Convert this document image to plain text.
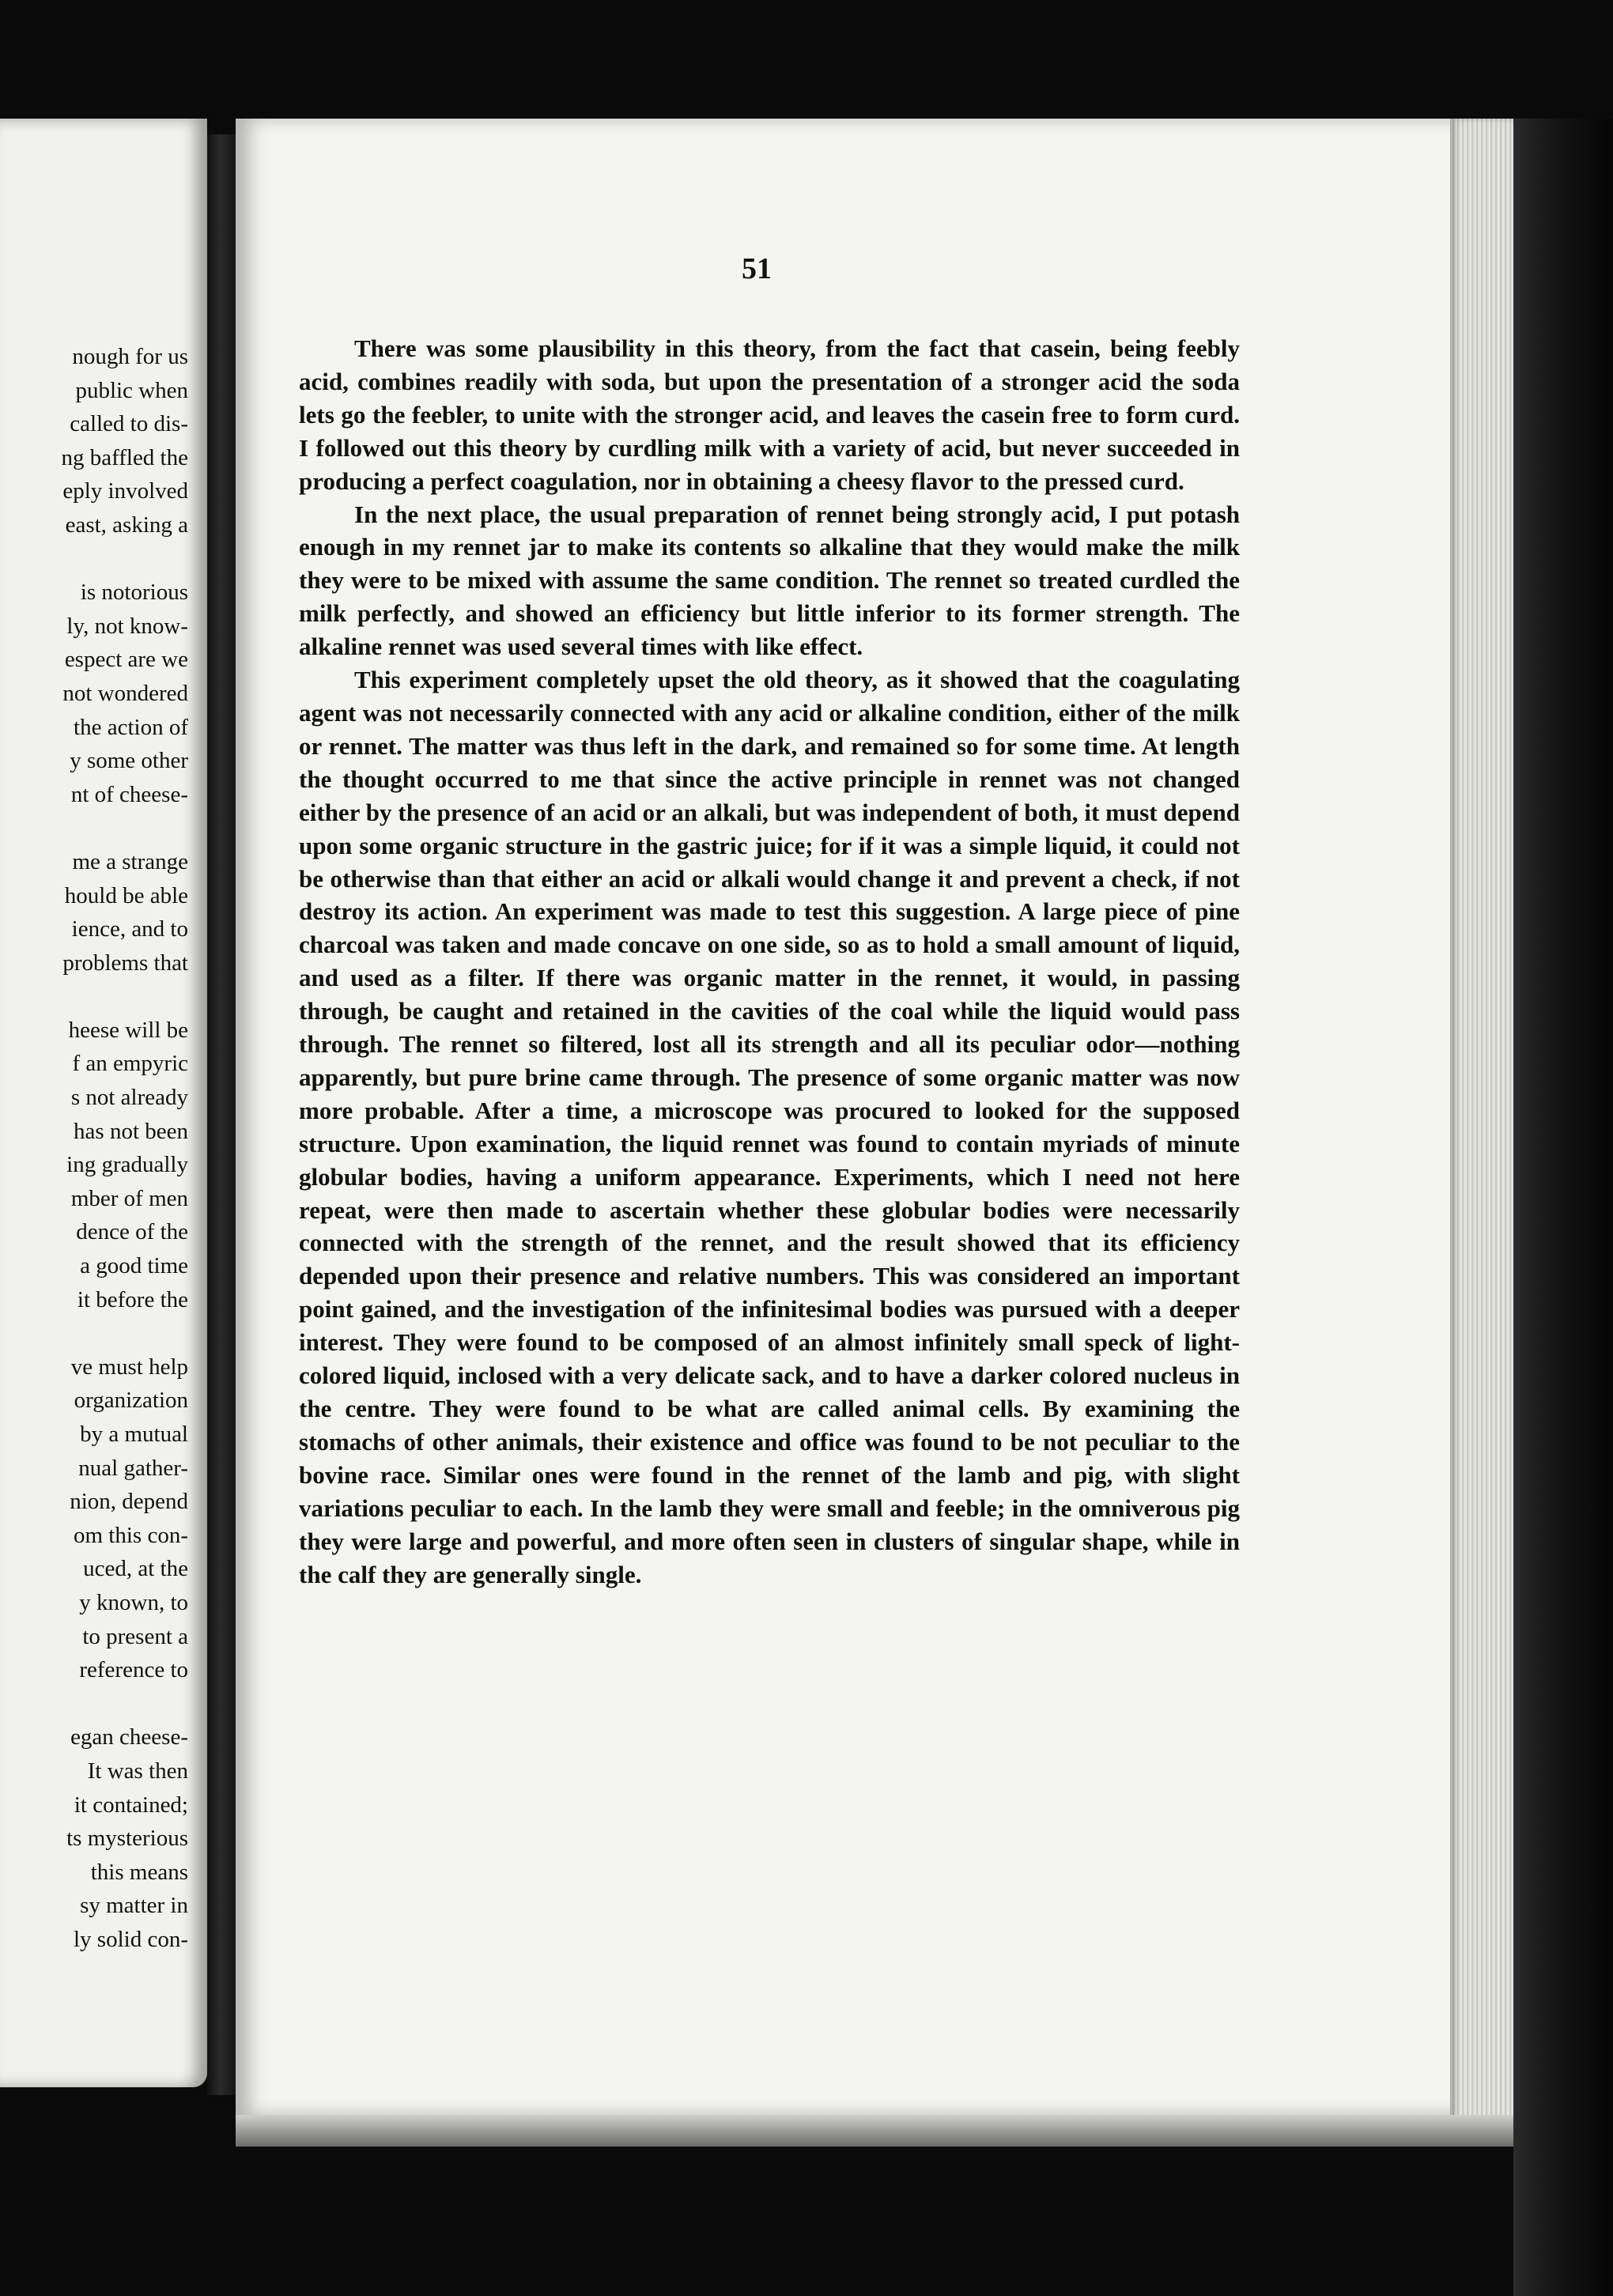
nough for us
public when
called to dis-
ng baffled the
eply involved
east, asking a
is notorious
ly, not know-
espect are we
not wondered
the action of
y some other
nt of cheese-
me a strange
hould be able
ience, and to
problems that
heese will be
f an empyric
s not already
has not been
ing gradually
mber of men
dence of the
a good time
it before the
ve must help
organization
by a mutual
nual gather-
nion, depend
om this con-
uced, at the
y known, to
to present a
reference to
egan cheese-
It was then
it contained;
ts mysterious
this means
sy matter in
ly solid con-
51

There was some plausibility in this theory, from the fact that casein, being feebly acid, combines readily with soda, but upon the presentation of a stronger acid the soda lets go the feebler, to unite with the stronger acid, and leaves the casein free to form curd. I followed out this theory by curdling milk with a variety of acid, but never succeeded in producing a perfect coagulation, nor in obtaining a cheesy flavor to the pressed curd.

In the next place, the usual preparation of rennet being strongly acid, I put potash enough in my rennet jar to make its contents so alkaline that they would make the milk they were to be mixed with assume the same condition. The rennet so treated curdled the milk perfectly, and showed an efficiency but little inferior to its former strength. The alkaline rennet was used several times with like effect.

This experiment completely upset the old theory, as it showed that the coagulating agent was not necessarily connected with any acid or alkaline condition, either of the milk or rennet. The matter was thus left in the dark, and remained so for some time. At length the thought occurred to me that since the active principle in rennet was not changed either by the presence of an acid or an alkali, but was independent of both, it must depend upon some organic structure in the gastric juice; for if it was a simple liquid, it could not be otherwise than that either an acid or alkali would change it and prevent a check, if not destroy its action. An experiment was made to test this suggestion. A large piece of pine charcoal was taken and made concave on one side, so as to hold a small amount of liquid, and used as a filter. If there was organic matter in the rennet, it would, in passing through, be caught and retained in the cavities of the coal while the liquid would pass through. The rennet so filtered, lost all its strength and all its peculiar odor—nothing apparently, but pure brine came through. The presence of some organic matter was now more probable. After a time, a microscope was procured to looked for the supposed structure. Upon examination, the liquid rennet was found to contain myriads of minute globular bodies, having a uniform appearance. Experiments, which I need not here repeat, were then made to ascertain whether these globular bodies were necessarily connected with the strength of the rennet, and the result showed that its efficiency depended upon their presence and relative numbers. This was considered an important point gained, and the investigation of the infinitesimal bodies was pursued with a deeper interest. They were found to be composed of an almost infinitely small speck of light-colored liquid, inclosed with a very delicate sack, and to have a darker colored nucleus in the centre. They were found to be what are called animal cells. By examining the stomachs of other animals, their existence and office was found to be not peculiar to the bovine race. Similar ones were found in the rennet of the lamb and pig, with slight variations peculiar to each. In the lamb they were small and feeble; in the omniverous pig they were large and powerful, and more often seen in clusters of singular shape, while in the calf they are generally single.
